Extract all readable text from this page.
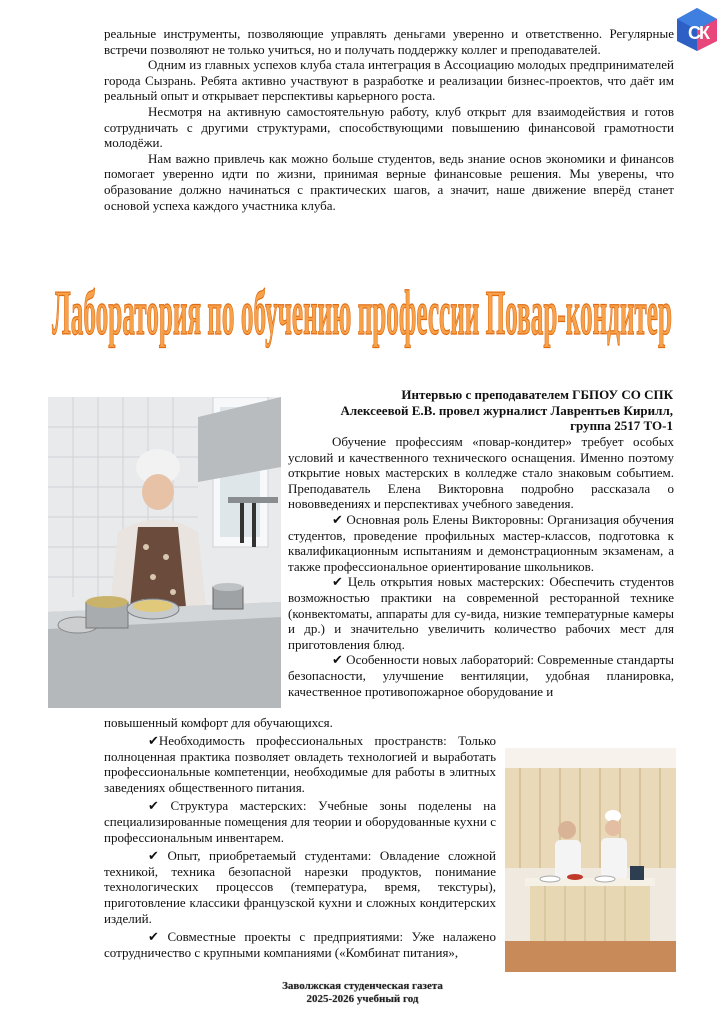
С
К

реальные инструменты, позволяющие управлять деньгами уверенно и ответственно. Регулярные встречи позволяют не только учиться, но и получать поддержку коллег и преподавателей.

Одним из главных успехов клуба стала интеграция в Ассоциацию молодых предпринимателей города Сызрань. Ребята активно участвуют в разработке и реализации бизнес-проектов, что даёт им реальный опыт и открывает перспективы карьерного роста.

Несмотря на активную самостоятельную работу, клуб открыт для взаимодействия и готов сотрудничать с другими структурами, способствующими повышению финансовой грамотности молодёжи.

Нам важно привлечь как можно больше студентов, ведь знание основ экономики и финансов помогает уверенно идти по жизни, принимая верные финансовые решения. Мы уверены, что образование должно начинаться с практических шагов, а значит, наше движение вперёд станет основой успеха каждого участника клуба.

Лаборатория по обучению профессии Повар-кондитер
Интервью с преподавателем ГБПОУ СО СПК
Алексеевой Е.В. провел журналист Лаврентьев Кирилл,
группа 2517 ТО-1

Обучение профессиям «повар-кондитер» требует особых условий и качественного технического оснащения. Именно поэтому открытие новых мастерских в колледже стало знаковым событием. Преподаватель Елена Викторовна подробно рассказала о нововведениях и перспективах учебного заведения.

✔ Основная роль Елены Викторовны: Организация обучения студентов, проведение профильных мастер-классов, подготовка к квалификационным испытаниям и демонстрационным экзаменам, а также профессиональное ориентирование школьников.

✔ Цель открытия новых мастерских: Обеспечить студентов возможностью практики на современной ресторанной технике (конвектоматы, аппараты для су-вида, низкие температурные камеры и др.) и значительно увеличить количество рабочих мест для приготовления блюд.

✔ Особенности новых лабораторий: Современные стандарты безопасности, улучшение вентиляции, удобная планировка, качественное противопожарное оборудование и

повышенный комфорт для обучающихся.

✔Необходимость профессиональных пространств: Только полноценная практика позволяет овладеть технологией и выработать профессиональные компетенции, необходимые для работы в элитных заведениях общественного питания.

✔ Структура мастерских: Учебные зоны поделены на специализированные помещения для теории и оборудованные кухни с профессиональным инвентарем.

✔ Опыт, приобретаемый студентами: Овладение сложной техникой, техника безопасной нарезки продуктов, понимание технологических процессов (температура, время, текстуры), приготовление классики французской кухни и сложных кондитерских изделий.

✔ Совместные проекты с предприятиями: Уже налажено сотрудничество с крупными компаниями («Комбинат питания»,

Заволжская студенческая газета
2025-2026 учебный год
